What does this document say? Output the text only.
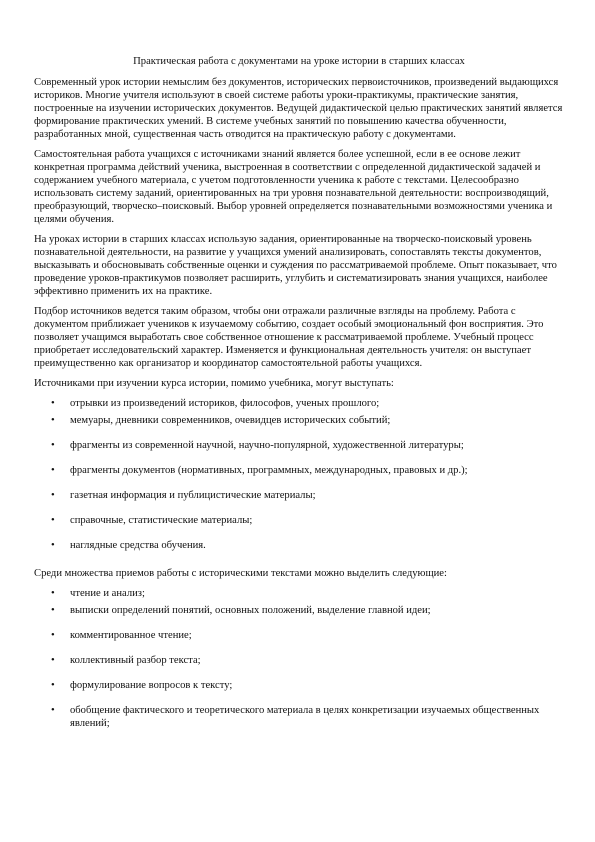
Практическая работа с документами на уроке истории в старших классах

Современный урок истории немыслим без документов, исторических первоисточников, произведений выдающихся историков. Многие учителя используют в своей системе работы уроки-практикумы, практические занятия, построенные на изучении исторических документов. Ведущей дидактической целью практических занятий является формирование практических умений. В системе учебных занятий по повышению качества обученности, разработанных мной, существенная часть отводится на практическую работу с документами.

Самостоятельная работа учащихся с источниками знаний является более успешной, если в ее основе лежит конкретная программа действий ученика, выстроенная в соответствии с определенной дидактической задачей и содержанием учебного материала, с учетом подготовленности ученика к работе с текстами. Целесообразно использовать систему заданий, ориентированных на три уровня познавательной деятельности: воспроизводящий, преобразующий, творческо–поисковый. Выбор уровней определяется познавательными возможностями ученика и целями обучения.

На уроках истории в старших классах использую задания, ориентированные на творческо-поисковый уровень познавательной деятельности, на развитие у учащихся умений анализировать, сопоставлять тексты документов, высказывать и обосновывать собственные оценки и суждения по рассматриваемой проблеме. Опыт показывает, что проведение уроков-практикумов позволяет расширить, углубить и систематизировать знания учащихся, наиболее эффективно применить их на практике.

Подбор источников ведется таким образом, чтобы они отражали различные взгляды на проблему. Работа с документом приближает учеников к изучаемому событию, создает особый эмоциональный фон восприятия. Это позволяет учащимся выработать свое собственное отношение к рассматриваемой проблеме. Учебный процесс приобретает исследовательский характер. Изменяется и функциональная деятельность учителя: он выступает преимущественно как организатор и координатор самостоятельной работы учащихся.

Источниками при изучении курса истории, помимо учебника, могут выступать:

• отрывки из произведений историков, философов, ученых прошлого;
• мемуары, дневники современников, очевидцев исторических событий;
• фрагменты из современной научной, научно-популярной, художественной литературы;
• фрагменты документов (нормативных, программных, международных, правовых и др.);
• газетная информация и публицистические материалы;
• справочные, статистические материалы;
• наглядные средства обучения.

Среди множества приемов работы с историческими текстами можно выделить следующие:

• чтение и анализ;
• выписки определений понятий, основных положений, выделение главной идеи;
• комментированное чтение;
• коллективный разбор текста;
• формулирование вопросов к тексту;
• обобщение фактического и теоретического материала в целях конкретизации изучаемых общественных явлений;
